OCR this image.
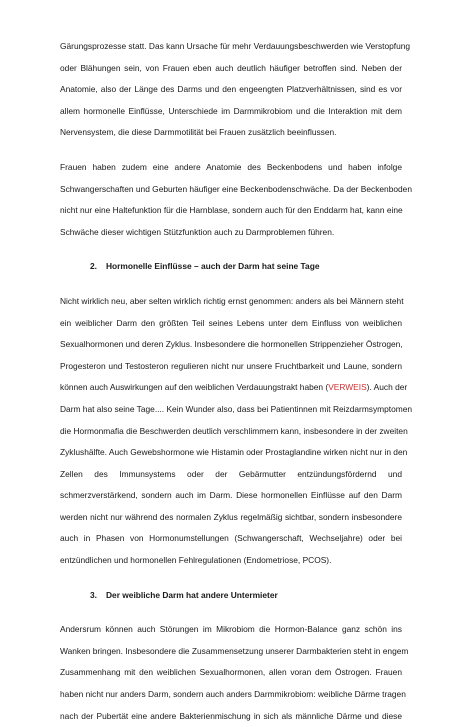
Gärungsprozesse statt. Das kann Ursache für mehr Verdauungsbeschwerden wie Verstopfung
oder Blähungen sein, von Frauen eben auch deutlich häufiger betroffen sind. Neben der
Anatomie, also der Länge des Darms und den engeengten Platzverhältnissen, sind es vor
allem hormonelle Einflüsse, Unterschiede im Darmmikrobiom und die Interaktion mit dem
Nervensystem, die diese Darmmotilität bei Frauen zusätzlich beeinflussen.

Frauen haben zudem eine andere Anatomie des Beckenbodens und haben infolge
Schwangerschaften und Geburten häufiger eine Beckenbodenschwäche. Da der Beckenboden
nicht nur eine Haltefunktion für die Harnblase, sondern auch für den Enddarm hat, kann eine
Schwäche dieser wichtigen Stützfunktion auch zu Darmproblemen führen.

2. Hormonelle Einflüsse – auch der Darm hat seine Tage

Nicht wirklich neu, aber selten wirklich richtig ernst genommen: anders als bei Männern steht
ein weiblicher Darm den größten Teil seines Lebens unter dem Einfluss von weiblichen
Sexualhormonen und deren Zyklus. Insbesondere die hormonellen Strippenzieher Östrogen,
Progesteron und Testosteron regulieren nicht nur unsere Fruchtbarkeit und Laune, sondern
können auch Auswirkungen auf den weiblichen Verdauungstrakt haben (VERWEIS). Auch der
Darm hat also seine Tage.... Kein Wunder also, dass bei Patientinnen mit Reizdarmsymptomen
die Hormonmafia die Beschwerden deutlich verschlimmern kann, insbesondere in der zweiten
Zyklushälfte. Auch Gewebshormone wie Histamin oder Prostaglandine wirken nicht nur in den
Zellen des Immunsystems oder der Gebärmutter entzündungsfördernd und
schmerzverstärkend, sondern auch im Darm. Diese hormonellen Einflüsse auf den Darm
werden nicht nur während des normalen Zyklus regelmäßig sichtbar, sondern insbesondere
auch in Phasen von Hormonumstellungen (Schwangerschaft, Wechseljahre) oder bei
entzündlichen und hormonellen Fehlregulationen (Endometriose, PCOS).

3. Der weibliche Darm hat andere Untermieter

Andersrum können auch Störungen im Mikrobiom die Hormon-Balance ganz schön ins
Wanken bringen. Insbesondere die Zusammensetzung unserer Darmbakterien steht in engem
Zusammenhang mit den weiblichen Sexualhormonen, allen voran dem Östrogen. Frauen
haben nicht nur anders Darm, sondern auch anders Darmmikrobiom: weibliche Därme tragen
nach der Pubertät eine andere Bakterienmischung in sich als männliche Därme und diese
